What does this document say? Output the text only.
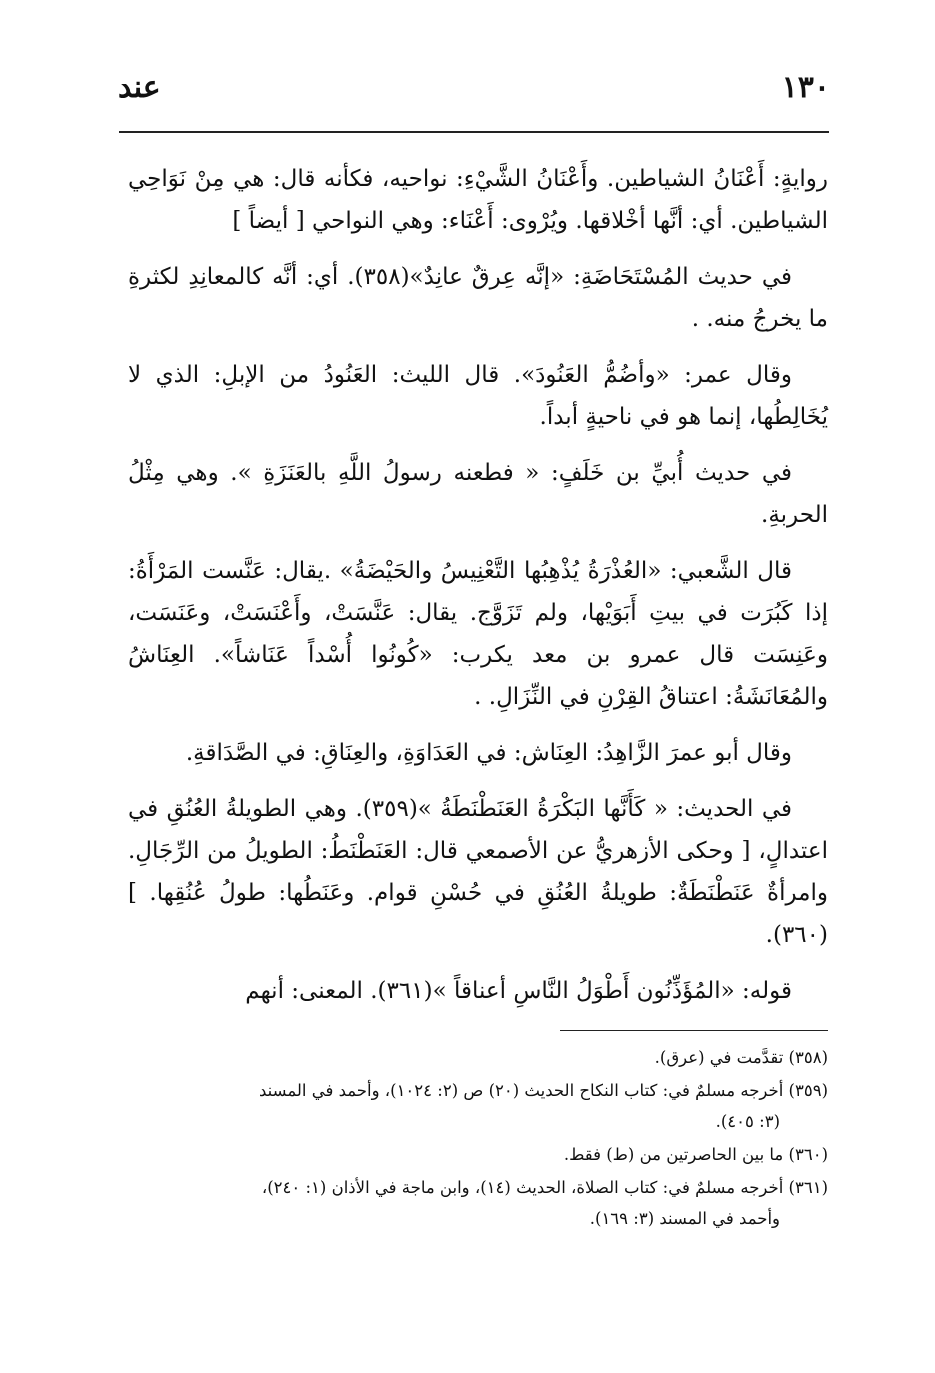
١٣٠
عند

روايةٍ: أَعْنَانُ الشياطين. وأَعْنَانُ الشَّيْءِ: نواحيه، فكأنه قال: هي مِنْ نَوَاحِي الشياطين. أي: أنَّها أخْلاقها. ويُرْوى: أَعْنَاء: وهي النواحي [ أيضاً ]

في حديث المُسْتَحَاضَةِ: «إنَّه عِرقٌ عانِدٌ»(٣٥٨). أي: أنَّه كالمعانِدِ لكثرةِ ما يخرجُ منه. .

وقال عمر: «وأضُمُّ العَنُودَ». قال الليث: العَنُودُ من الإبلِ: الذي لا يُخَالِطُها، إنما هو في ناحيةٍ أبداً.

في حديث أُبيِّ بن خَلَفٍ: « فطعنه رسولُ اللَّهِ بالعَنَزَةِ ». وهي مِثْلُ الحربةِ.

قال الشَّعبي: «العُذْرَةُ يُذْهِبُها التَّعْنِيسُ والحَيْضَةُ» .يقال: عَنَّست المَرْأَةُ: إذا كَبُرَت في بيتِ أَبَوَيْها، ولم تَزَوَّج. يقال: عَنَّسَتْ، وأَعْنَسَتْ، وعَنَسَت، وعَنِسَت قال عمرو بن معد يكرب: «كُونُوا أُسْداً عَنَاشاً». العِنَاشُ والمُعَانَشَةُ: اعتناقُ القِرْنِ في النِّزَالِ. .

وقال أبو عمرَ الزَّاهِدُ: العِنَاش: في العَدَاوَةِ، والعِنَاقِ: في الصَّدَاقةِ.

في الحديث: « كَأَنَّها البَكْرَةُ العَنَطْنَطَةُ »(٣٥٩). وهي الطويلةُ العُنُقِ في اعتدالٍ، [ وحكى الأزهريُّ عن الأصمعي قال: العَنَطْنَطُ: الطويلُ من الرِّجَالِ. وامرأةٌ عَنَطْنَطَةٌ: طويلةُ العُنُقِ في حُسْنِ قوام. وعَنَطُها: طولُ عُنُقِها. ](٣٦٠).

قوله: «المُؤَذِّنُون أَطْوَلُ النَّاسِ أعناقاً »(٣٦١). المعنى: أنهم

(٣٥٨) تقدَّمت في (عرق).

(٣٥٩) أخرجه مسلمٌ في: كتاب النكاح الحديث (٢٠) ص (٢: ١٠٢٤)، وأحمد في المسند
(٣: ٤٠٥).

(٣٦٠) ما بين الحاصرتين من (ط) فقط.

(٣٦١) أخرجه مسلمٌ في: كتاب الصلاة، الحديث (١٤)، وابن ماجة في الأذان (١: ٢٤٠)،
وأحمد في المسند (٣: ١٦٩).
